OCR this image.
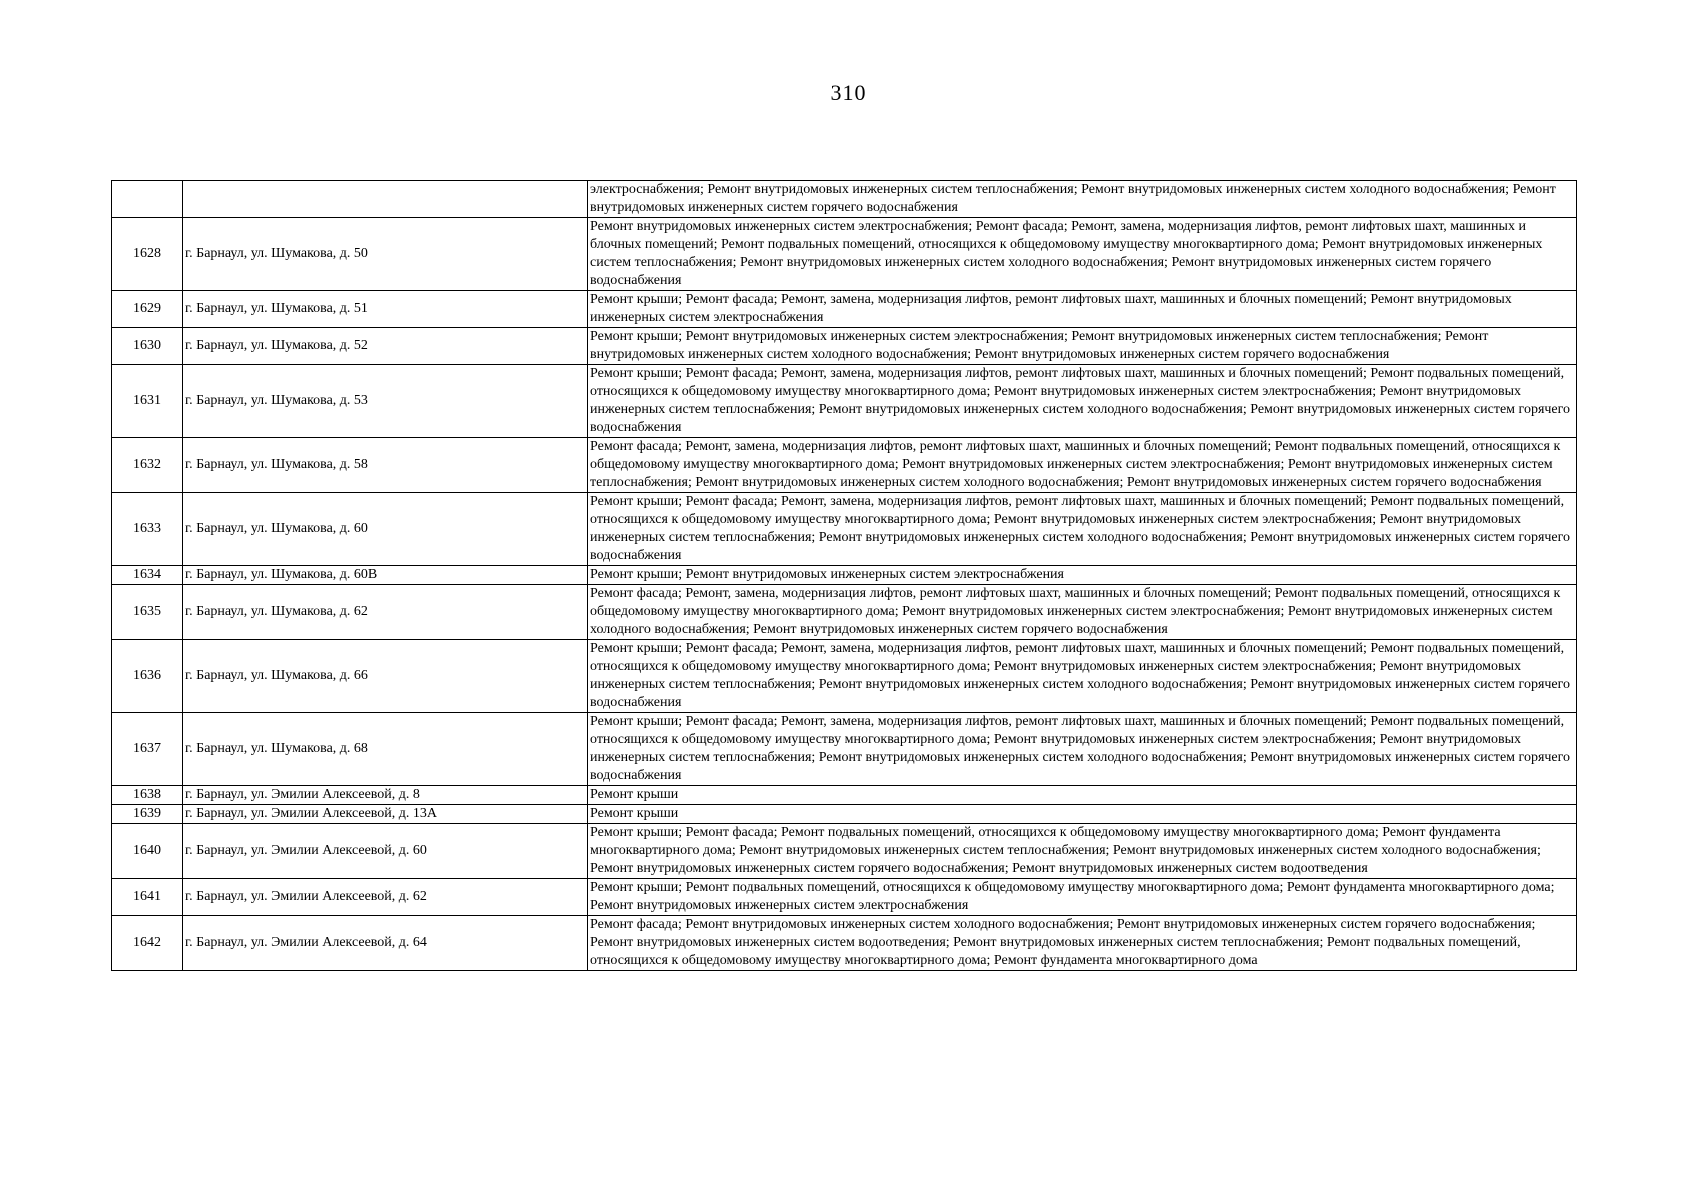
310
		электроснабжения; Ремонт внутридомовых инженерных систем теплоснабжения; Ремонт внутридомовых инженерных систем холодного водоснабжения; Ремонт внутридомовых инженерных систем горячего водоснабжения
1628	г. Барнаул, ул. Шумакова, д. 50	Ремонт внутридомовых инженерных систем электроснабжения; Ремонт фасада; Ремонт, замена, модернизация лифтов, ремонт лифтовых шахт, машинных и блочных помещений; Ремонт подвальных помещений, относящихся к общедомовому имуществу многоквартирного дома; Ремонт внутридомовых инженерных систем теплоснабжения; Ремонт внутридомовых инженерных систем холодного водоснабжения; Ремонт внутридомовых инженерных систем горячего водоснабжения
1629	г. Барнаул, ул. Шумакова, д. 51	Ремонт крыши; Ремонт фасада; Ремонт, замена, модернизация лифтов, ремонт лифтовых шахт, машинных и блочных помещений; Ремонт внутридомовых инженерных систем электроснабжения
1630	г. Барнаул, ул. Шумакова, д. 52	Ремонт крыши; Ремонт внутридомовых инженерных систем электроснабжения; Ремонт внутридомовых инженерных систем теплоснабжения; Ремонт внутридомовых инженерных систем холодного водоснабжения; Ремонт внутридомовых инженерных систем горячего водоснабжения
1631	г. Барнаул, ул. Шумакова, д. 53	Ремонт крыши; Ремонт фасада; Ремонт, замена, модернизация лифтов, ремонт лифтовых шахт, машинных и блочных помещений; Ремонт подвальных помещений, относящихся к общедомовому имуществу многоквартирного дома; Ремонт внутридомовых инженерных систем электроснабжения; Ремонт внутридомовых инженерных систем теплоснабжения; Ремонт внутридомовых инженерных систем холодного водоснабжения; Ремонт внутридомовых инженерных систем горячего водоснабжения
1632	г. Барнаул, ул. Шумакова, д. 58	Ремонт фасада; Ремонт, замена, модернизация лифтов, ремонт лифтовых шахт, машинных и блочных помещений; Ремонт подвальных помещений, относящихся к общедомовому имуществу многоквартирного дома; Ремонт внутридомовых инженерных систем электроснабжения; Ремонт внутридомовых инженерных систем теплоснабжения; Ремонт внутридомовых инженерных систем холодного водоснабжения; Ремонт внутридомовых инженерных систем горячего водоснабжения
1633	г. Барнаул, ул. Шумакова, д. 60	Ремонт крыши; Ремонт фасада; Ремонт, замена, модернизация лифтов, ремонт лифтовых шахт, машинных и блочных помещений; Ремонт подвальных помещений, относящихся к общедомовому имуществу многоквартирного дома; Ремонт внутридомовых инженерных систем электроснабжения; Ремонт внутридомовых инженерных систем теплоснабжения; Ремонт внутридомовых инженерных систем холодного водоснабжения; Ремонт внутридомовых инженерных систем горячего водоснабжения
1634	г. Барнаул, ул. Шумакова, д. 60В	Ремонт крыши; Ремонт внутридомовых инженерных систем электроснабжения
1635	г. Барнаул, ул. Шумакова, д. 62	Ремонт фасада; Ремонт, замена, модернизация лифтов, ремонт лифтовых шахт, машинных и блочных помещений; Ремонт подвальных помещений, относящихся к общедомовому имуществу многоквартирного дома; Ремонт внутридомовых инженерных систем электроснабжения; Ремонт внутридомовых инженерных систем холодного водоснабжения; Ремонт внутридомовых инженерных систем горячего водоснабжения
1636	г. Барнаул, ул. Шумакова, д. 66	Ремонт крыши; Ремонт фасада; Ремонт, замена, модернизация лифтов, ремонт лифтовых шахт, машинных и блочных помещений; Ремонт подвальных помещений, относящихся к общедомовому имуществу многоквартирного дома; Ремонт внутридомовых инженерных систем электроснабжения; Ремонт внутридомовых инженерных систем теплоснабжения; Ремонт внутридомовых инженерных систем холодного водоснабжения; Ремонт внутридомовых инженерных систем горячего водоснабжения
1637	г. Барнаул, ул. Шумакова, д. 68	Ремонт крыши; Ремонт фасада; Ремонт, замена, модернизация лифтов, ремонт лифтовых шахт, машинных и блочных помещений; Ремонт подвальных помещений, относящихся к общедомовому имуществу многоквартирного дома; Ремонт внутридомовых инженерных систем электроснабжения; Ремонт внутридомовых инженерных систем теплоснабжения; Ремонт внутридомовых инженерных систем холодного водоснабжения; Ремонт внутридомовых инженерных систем горячего водоснабжения
1638	г. Барнаул, ул. Эмилии Алексеевой, д. 8	Ремонт крыши
1639	г. Барнаул, ул. Эмилии Алексеевой, д. 13А	Ремонт крыши
1640	г. Барнаул, ул. Эмилии Алексеевой, д. 60	Ремонт крыши; Ремонт фасада; Ремонт подвальных помещений, относящихся к общедомовому имуществу многоквартирного дома; Ремонт фундамента многоквартирного дома; Ремонт внутридомовых инженерных систем теплоснабжения; Ремонт внутридомовых инженерных систем холодного водоснабжения; Ремонт внутридомовых инженерных систем горячего водоснабжения; Ремонт внутридомовых инженерных систем водоотведения
1641	г. Барнаул, ул. Эмилии Алексеевой, д. 62	Ремонт крыши; Ремонт подвальных помещений, относящихся к общедомовому имуществу многоквартирного дома; Ремонт фундамента многоквартирного дома; Ремонт внутридомовых инженерных систем электроснабжения
1642	г. Барнаул, ул. Эмилии Алексеевой, д. 64	Ремонт фасада; Ремонт внутридомовых инженерных систем холодного водоснабжения; Ремонт внутридомовых инженерных систем горячего водоснабжения; Ремонт внутридомовых инженерных систем водоотведения; Ремонт внутридомовых инженерных систем теплоснабжения; Ремонт подвальных помещений, относящихся к общедомовому имуществу многоквартирного дома; Ремонт фундамента многоквартирного дома
